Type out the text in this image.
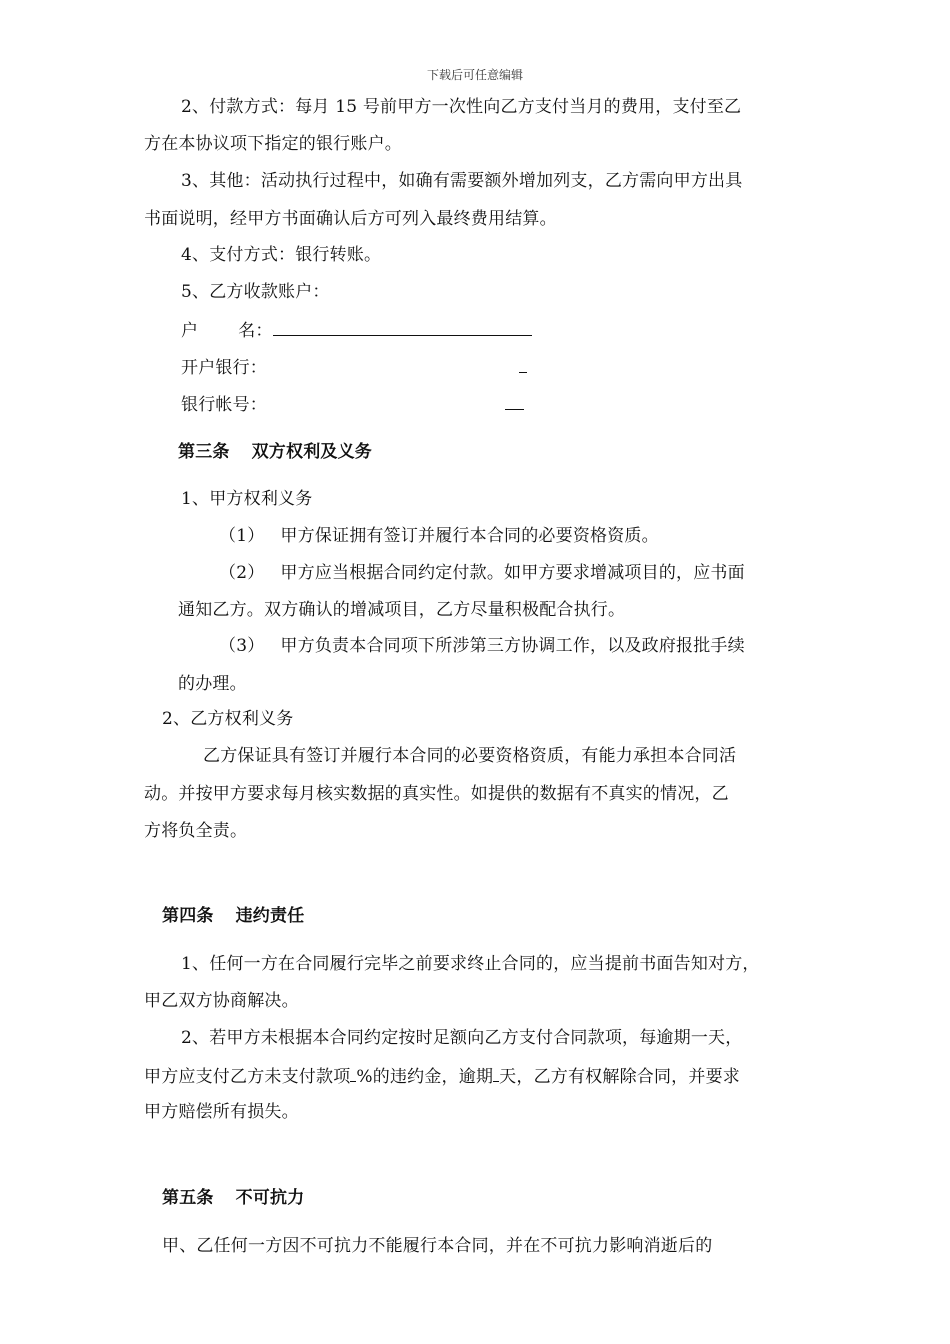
下载后可任意编辑
2、付款方式：每月 15 号前甲方一次性向乙方支付当月的费用，支付至乙
方在本协议项下指定的银行账户。
3、其他：活动执行过程中，如确有需要额外增加列支，乙方需向甲方出具
书面说明，经甲方书面确认后方可列入最终费用结算。
4、支付方式：银行转账。
5、乙方收款账户：
户 名：
开户银行：
银行帐号：
第三条 双方权利及义务
1、甲方权利义务
（1） 甲方保证拥有签订并履行本合同的必要资格资质。
（2） 甲方应当根据合同约定付款。如甲方要求增减项目的，应书面
通知乙方。双方确认的增减项目，乙方尽量积极配合执行。
（3） 甲方负责本合同项下所涉第三方协调工作，以及政府报批手续
的办理。
2、乙方权利义务
乙方保证具有签订并履行本合同的必要资格资质，有能力承担本合同活
动。并按甲方要求每月核实数据的真实性。如提供的数据有不真实的情况，乙
方将负全责。
第四条 违约责任
1、任何一方在合同履行完毕之前要求终止合同的，应当提前书面告知对方，
甲乙双方协商解决。
2、若甲方未根据本合同约定按时足额向乙方支付合同款项，每逾期一天，
甲方应支付乙方未支付款项 %的违约金，逾期 天，乙方有权解除合同，并要求
甲方赔偿所有损失。
第五条 不可抗力
甲、乙任何一方因不可抗力不能履行本合同，并在不可抗力影响消逝后的
